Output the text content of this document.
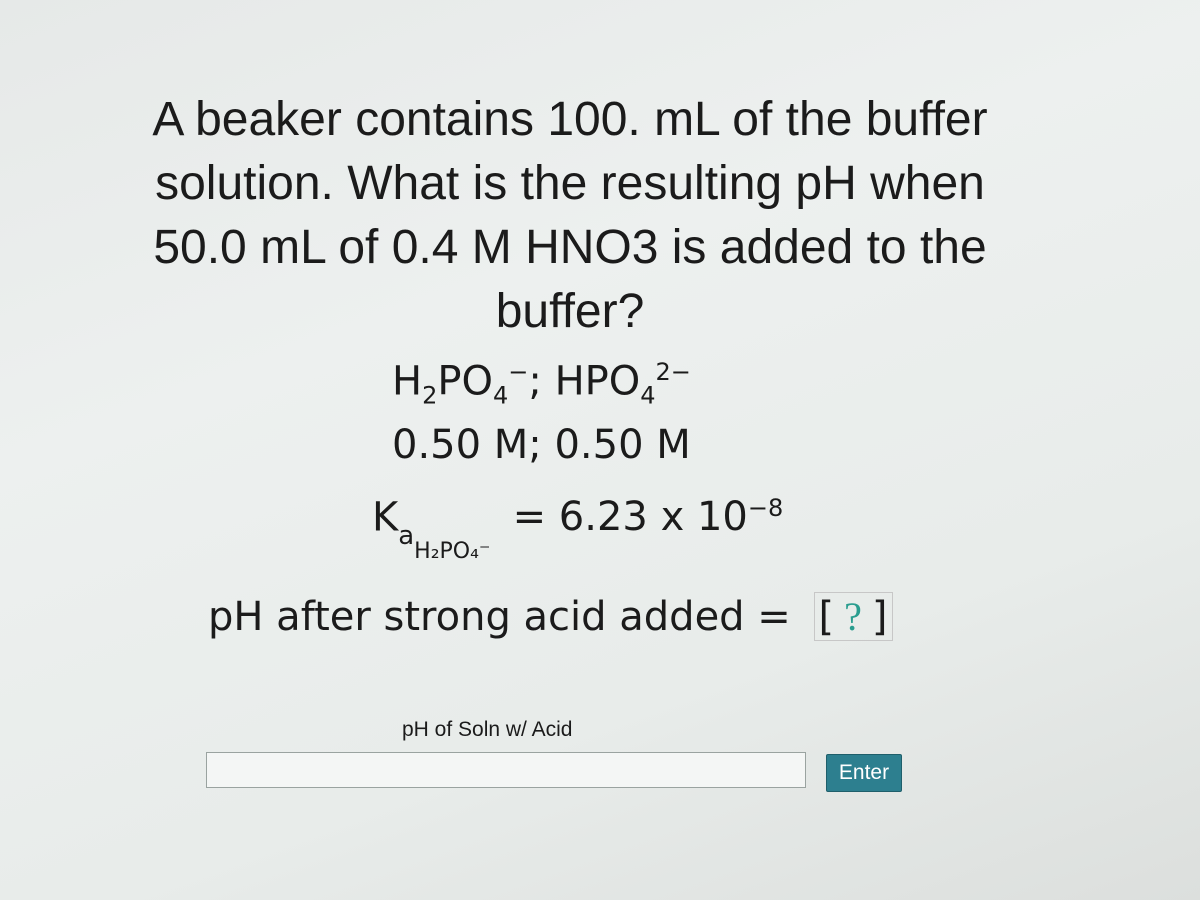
A beaker contains 100. mL of the buffer
solution. What is the resulting pH when
50.0 mL of 0.4 M HNO3 is added to the
buffer?
$H_2PO_4^-$; $HPO_4^{2-}$
0.50 M; 0.50 M
$K_{aH_2PO_4^-}= 6.23$ x $10^{-8}$
pH after strong acid added = [ ? ]
pH of Soln w/ Acid
Enter
